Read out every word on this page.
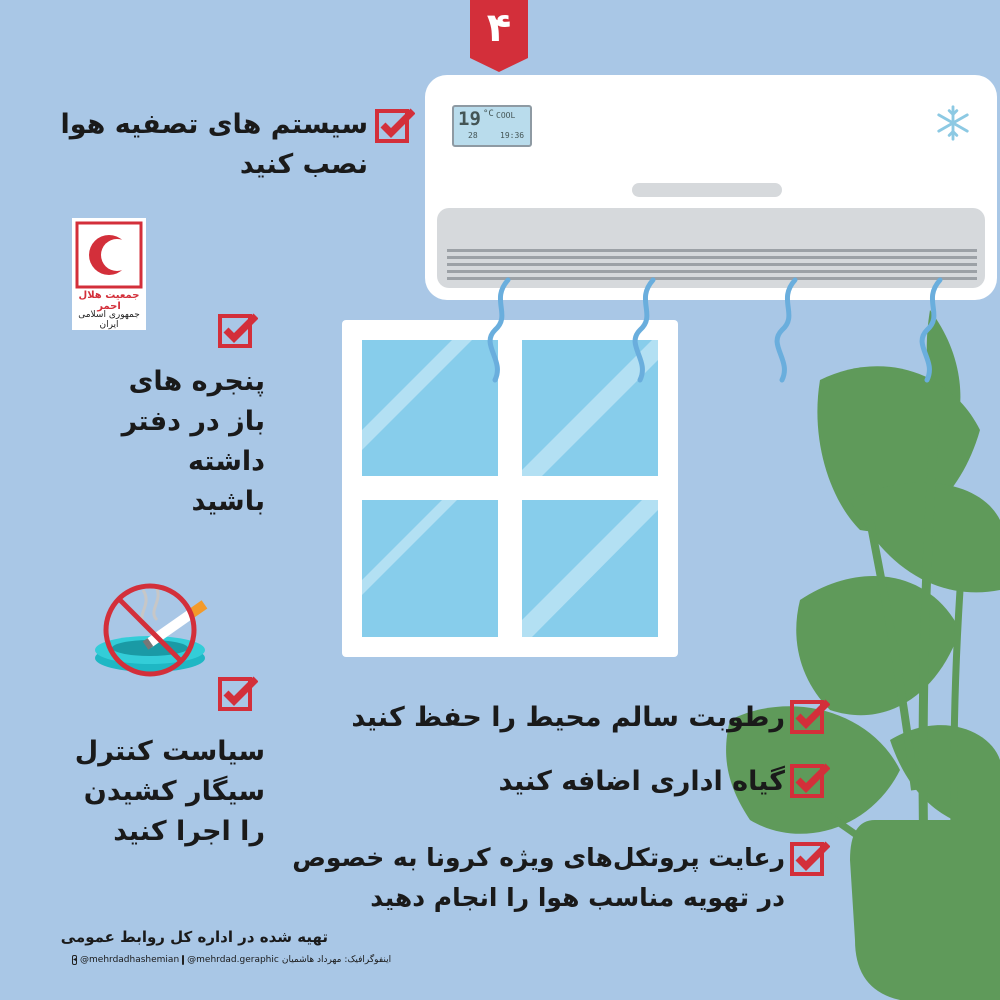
19 °C COOL
28	19:36
۴
جمعیت هلال احمر
جمهوری اسلامی ایران
سیستم های تصفیه هوا
نصب کنید
پنجره های
باز در دفتر
داشته
باشید
سیاست کنترل
سیگار کشیدن
را اجرا کنید
رطوبت سالم محیط را حفظ کنید
گیاه اداری اضافه کنید
رعایت پروتکل‌های ویژه کرونا به خصوص
در تهویه مناسب هوا را انجام دهید
تهیه شده در اداره کل روابط عمومی
◂ @mehrdadhashemian @mehrdad.geraphic اینفوگرافیک: مهرداد هاشمیان
